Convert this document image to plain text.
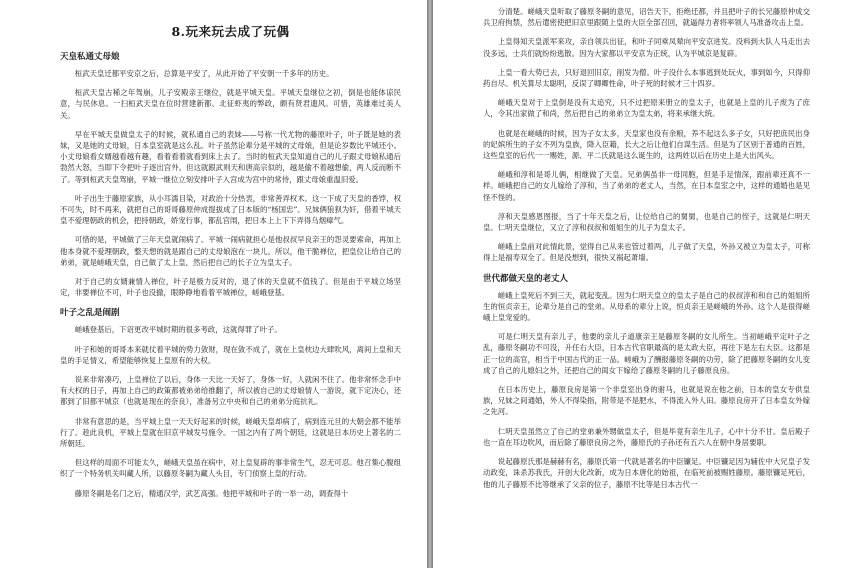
8.玩来玩去成了玩偶
天皇私通丈母娘
桓武天皇迁都平安京之后，总算是平安了，从此开始了平安朝一千多年的历史。
桓武天皇古稀之年驾崩，儿子安殿亲王继位，就是平城天皇。平城天皇继位之初，倒是也能体谅民意，与民休息。一扫桓武天皇在位时营建新都、北征虾夷的弊政，颇有贤君遗风。可惜，英雄难过美人关。
早在平城天皇做皇太子的时候，就私通自己的表妹——号称一代尤物的藤原叶子，叶子既是她的表妹，又是她的丈母娘，日本皇室就是这么乱。叶子虽然论辈分是平城的丈母娘，但是论岁数比平城还小。小丈母娘看女婿越看越有趣，看着看着就看到床上去了。当时的桓武天皇知道自己的儿子跟丈母娘私通后勃然大怒，当即下令把叶子逐出宫外。但这就跟武则天和唐高宗似的，越是偷不着越想偷，两人反而断不了。等到桓武天皇驾崩，平城一继位立刻安排叶子入宫成为宫中的常侍，跟丈母娘重温旧爱。
叶子出生于藤原家族，从小耳濡目染，对政治十分热衷，非常善弄权术。这一下成了天皇的香饽，权不可失，时不再来，就把自己的哥哥藤原仲成提拔成了日本版的“杨国忠”。兄妹俩狼狈为奸，借着平城天皇不爱理朝政的机会，把持朝政，娇宠行事，都乱宫闱，把日本上上下下弄得乌烟瘴气。
可惜的是，平城做了三年天皇就闹病了。平城一闹病就担心是他叔叔早良亲王的怨灵要索命，再加上他本身就不爱理朝政，整天想的就是跟自己的丈母娘泡在一块儿。所以，他干脆禅位，把皇位让给自己的弟弟，就是嵯峨天皇，自己做了太上皇，然后把自己的长子立为皇太子。
对于自己的女婿兼情人禅位，叶子是极力反对的，退了休的天皇就不值钱了。但是由于平城立场坚定，非要禅位不可，叶子也没撤，眼睁睁地看着平城禅位，嵯峨登基。
叶子之乱是闹剧
嵯峨登基后，下诏更改平城时期的很多考政，这就得罪了叶子。
叶子和她的哥哥本来就仗着平城的势力敛财，现在敛不成了，就在上皇枕边大肆吹风，离间上皇和天皇的手足情义，希望能够恢复上皇原有的大权。
说来非常凑巧，上皇禅位了以后，身体一天比一天好了，身体一好，人就闲不住了。他非常怀念手中有大权的日子，再加上自己的政策都被弟弟给推翻了，所以被自己的丈母娘情人一游说，就下定决心，还都到了旧都平城京（也就是现在的奈良），准备另立中央和自己的弟弟分庭抗礼。
非常有意思的是，当平城上皇一天天好起来的时候，嵯峨天皇却病了，病到连元旦的大朝会都不能举行了。趁此良机，平城上皇就在旧京平城发号施令。一国之内有了两个朝廷，这就是日本历史上著名的二所朝廷。
但这样的局面不可能太久，嵯峨天皇虽在病中，对上皇复辟的事非常生气，忍无可忍。他召集心腹组织了一个特务机关叫藏人所，以藤原冬嗣为藏人头目，专门侦察上皇的行动。
藤原冬嗣是名门之后，精通汉学，武艺高强。他把平城和叶子的一举一动，调查得十
分清楚。嵯峨天皇听取了藤原冬嗣的意见，诏告天下，拒绝迁都，并且把叶子的长兄藤原仲成交兵卫府拘禁，然后遣密使把旧京里跟随上皇的大臣全部召回，就逼得力者将率领人马准备攻击上皇。
上皇得知天皇派军来攻，亲自领兵出征，和叶子同乘凤辇向平安京进发。没料到大队人马走出去没多远，士兵们就纷纷逃散。因为大家都以平安京为正统，认为平城京是复辟。
上皇一看大势已去，只好退回旧京，削发为僧。叶子没什么本事逃到处玩火，事到如今，只得仰药自尽。机关算尽太聪明，反误了卿卿性命，叶子死的时候才三十四岁。
嵯峨天皇对于上皇倒是没有太追究，只不过把原来册立的皇太子，也就是上皇的儿子废为了庶人，令其出家做了和尚，然后把自己的弟弟立为皇太弟，将来承继大统。
也就是在嵯峨的时候，因为子女太多，天皇家也没有余粮，养不起这么多子女，只好把庶民出身的妃嫔所生的子女不列为皇族，降入臣籍，长大之后让他们自谋生活。但是为了区别于普通的百姓，这些皇室的后代一一赐姓，源、平二氏就是这么诞生的，这两姓以后在历史上是大出风头。
嵯峨和淳和是哥儿俩，相继做了天皇。兄弟俩虽非一母同胞，但是手足情深，跟前辈还真不一样。嵯峨把自己的女儿嫁给了淳和，当了弟弟的老丈人，当然，在日本皇室之中，这样的通婚也是见怪不怪的。
淳和天皇感恩图报，当了十年天皇之后，让位给自己的舅舅，也是自己的侄子，这就是仁明天皇。仁明天皇继位，又立了淳和叔叔和姐姐生的儿子为皇太子。
嵯峨上皇前对此情此景，觉得自己从来也管过着两，儿子做了天皇，外孙又被立为皇太子，可称得上是福寿双全了。但是没想到，很快又祸起萧墙。
世代都做天皇的老丈人
嵯峨上皇死后不到三天，就起变乱。因为仁明天皇立的皇太子是自己的叔叔淳和和自己的姐姐所生的恒贞亲王，论辈分是自己的堂弟。从母系的辈分上说，恒贞亲王是嵯峨的外孙。这个人是很得嵯峨上皇宠爱的。
可是仁明天皇有亲儿子，他要的亲儿子道康亲王是藤原冬嗣的女儿所生。当初嵯峨平定叶子之乱，藤原冬嗣功不可没，升任右大臣，日本古代官职最高的是太政大臣，再往下是左右大臣。这都是正一位的高官，相当于中国古代的正一品。嵯峨为了酬报藤原冬嗣的功劳，除了把藤原冬嗣的女儿变成了自己的儿媳妇之外，还把自己的闺女下嫁给了藤原冬嗣的儿子藤原良房。
在日本历史上，藤原良房是第一个非皇室出身的驸马，也就是说在他之前，日本的皇女专供皇族，兄妹之间通婚，外人不得染指，附带是不是肥水，不得流入外人田。藤原良房开了日本皇女外嫁之先河。
仁明天皇虽然立了自己的堂弟兼外甥做皇太子，但是毕竟有亲生儿子，心中十分不甘。皇后殿子也一直在耳边吹风，而后除了藤原良房之外，藤原氏的子孙还有五六人在朝中身居要职。
说起藤原氏那是赫赫有名，藤原氏第一代就是著名的中臣镰足。中臣镰足因为辅佐中大兄皇子发动政变，诛杀苏我氏，开创大化改新，成为日本唐化的始祖，在临死前被赐姓藤原。藤原镰足死后，他的儿子藤原不比等继承了父亲的位子，藤原不比等是日本古代一
